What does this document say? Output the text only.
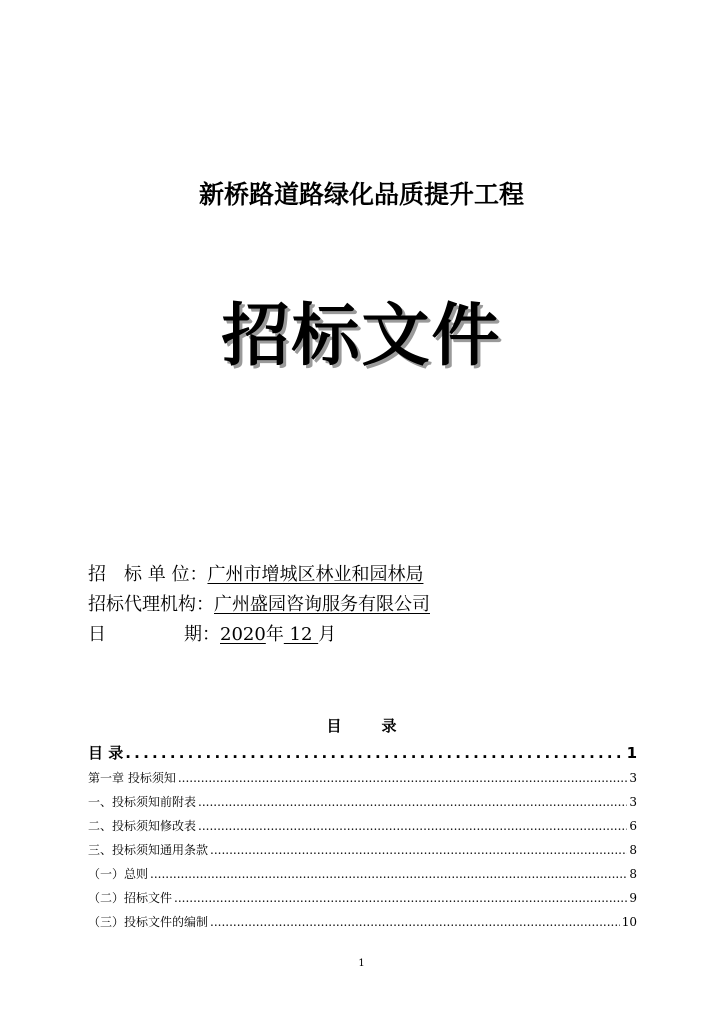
新桥路道路绿化品质提升工程
招标文件
招　标 单 位：广州市增城区林业和园林局
招标代理机构：广州盛园咨询服务有限公司
日	期：2020年 12 月
目	录
目 录 . . .	1
第一章 投标须知 .....	3
一、投标须知前附表 .....	3
二、投标须知修改表 .....	6
三、投标须知通用条款 .....	8
（一）总则 .....	8
（二）招标文件 .....	9
（三）投标文件的编制 .....	10
1
